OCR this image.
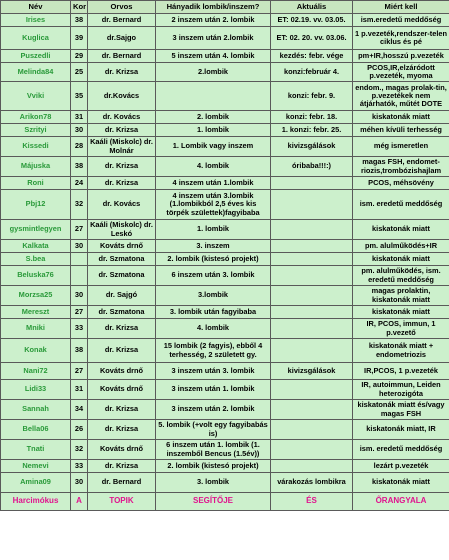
Név	Kor	Orvos	Hányadik lombik/inszem?	Aktuális	Miért kell
Irises	38	dr. Bernard	2 inszem után 2. lombik	ET: 02.19. vv. 03.05.	ism.eredetű meddőség
Kuglica	39	dr.Sajgo	3 inszem után 2.lombik	ET: 02. 20. vv. 03.06.	1 p.vezeték,rendszer-telen ciklus és pé
Puszedli	29	dr. Bernard	5 inszem után 4. lombik	kezdés: febr. vége	pm+IR,hosszú p.vezeték
Melinda84	25	dr. Krizsa	2.lombik	konzi:február 4.	PCOS,IR,elzáródott p.vezeték, myoma
Vviki	35	dr.Kovács		konzi: febr. 9.	endom., magas prolak-tin, p.vezetékek nem átjárhatók, műtét DOTE
Arikon78	31	dr. Kovács	2. lombik	konzi: febr. 18.	kiskatonák miatt
Szrityi	30	dr. Krizsa	1. lombik	1. konzi: febr. 25.	méhen kívüli terhesség
Kissedi	28	Kaáli (Miskolc) dr. Molnár	1. Lombik vagy inszem	kivizsgálások	még ismeretlen
Májuska	38	dr. Krizsa	4. lombik	óribaba!!!:)	magas FSH, endomet-riozis,trombózishajlam
Roni	24	dr. Krizsa	4 inszem után 1.lombik		PCOS, méhsövény
Pbj12	32	dr. Kovács	4 inszem után 3.lombik (1.lombikból 2,5 éves kis törpék születtek)fagyibaba		ism. eredetű meddőség
gysmintlegyen	27	Kaáli (Miskolc) dr. Leskó	1. lombik		kiskatonák miatt
Kalkata	30	Kováts drnő	3. inszem		pm. alulműködés+IR
S.bea		dr. Szmatona	2. lombik (kistesó projekt)		kiskatonák miatt
Beluska76		dr. Szmatona	6 inszem után 3. lombik		pm. alulműködés, ism. eredetű meddőség
Morzsa25	30	dr. Sajgó	3.lombik		magas prolaktin, kiskatonák miatt
Mereszt	27	dr. Szmatona	3. lombik után fagyibaba		kiskatonák miatt
Mniki	33	dr. Krizsa	4. lombik		IR, PCOS, immun, 1 p.vezető
Konak	38	dr. Krizsa	15 lombik (2 fagyis), ebből 4 terhesség, 2 született gy.		kiskatonák miatt + endometriozis
Nani72	27	Kováts drnő	3 inszem után 3. lombik	kivizsgálások	IR,PCOS, 1 p.vezeték
Lidi33	31	Kováts drnő	3 inszem után 1. lombik		IR, autoimmun, Leiden heterozigóta
Sannah	34	dr. Krizsa	3 inszem után 2. lombik		kiskatonák miatt és/vagy magas FSH
Bella06	26	dr. Krizsa	5. lombik (+volt egy fagyibabás is)		kiskatonák miatt, IR
Tnati	32	Kováts drnő	6 inszem után 1. lombik (1. inszemből Bencus (1.5év))		ism. eredetű meddőség
Nemevi	33	dr. Krizsa	2. lombik (kistesó projekt)		lezárt p.vezeték
Amina09	30	dr. Bernard	3. lombik	várakozás lombikra	kiskatonák miatt
Harcimókus	A	TOPIK	SEGÍTŐJE	ÉS	ŐRANGYALA
